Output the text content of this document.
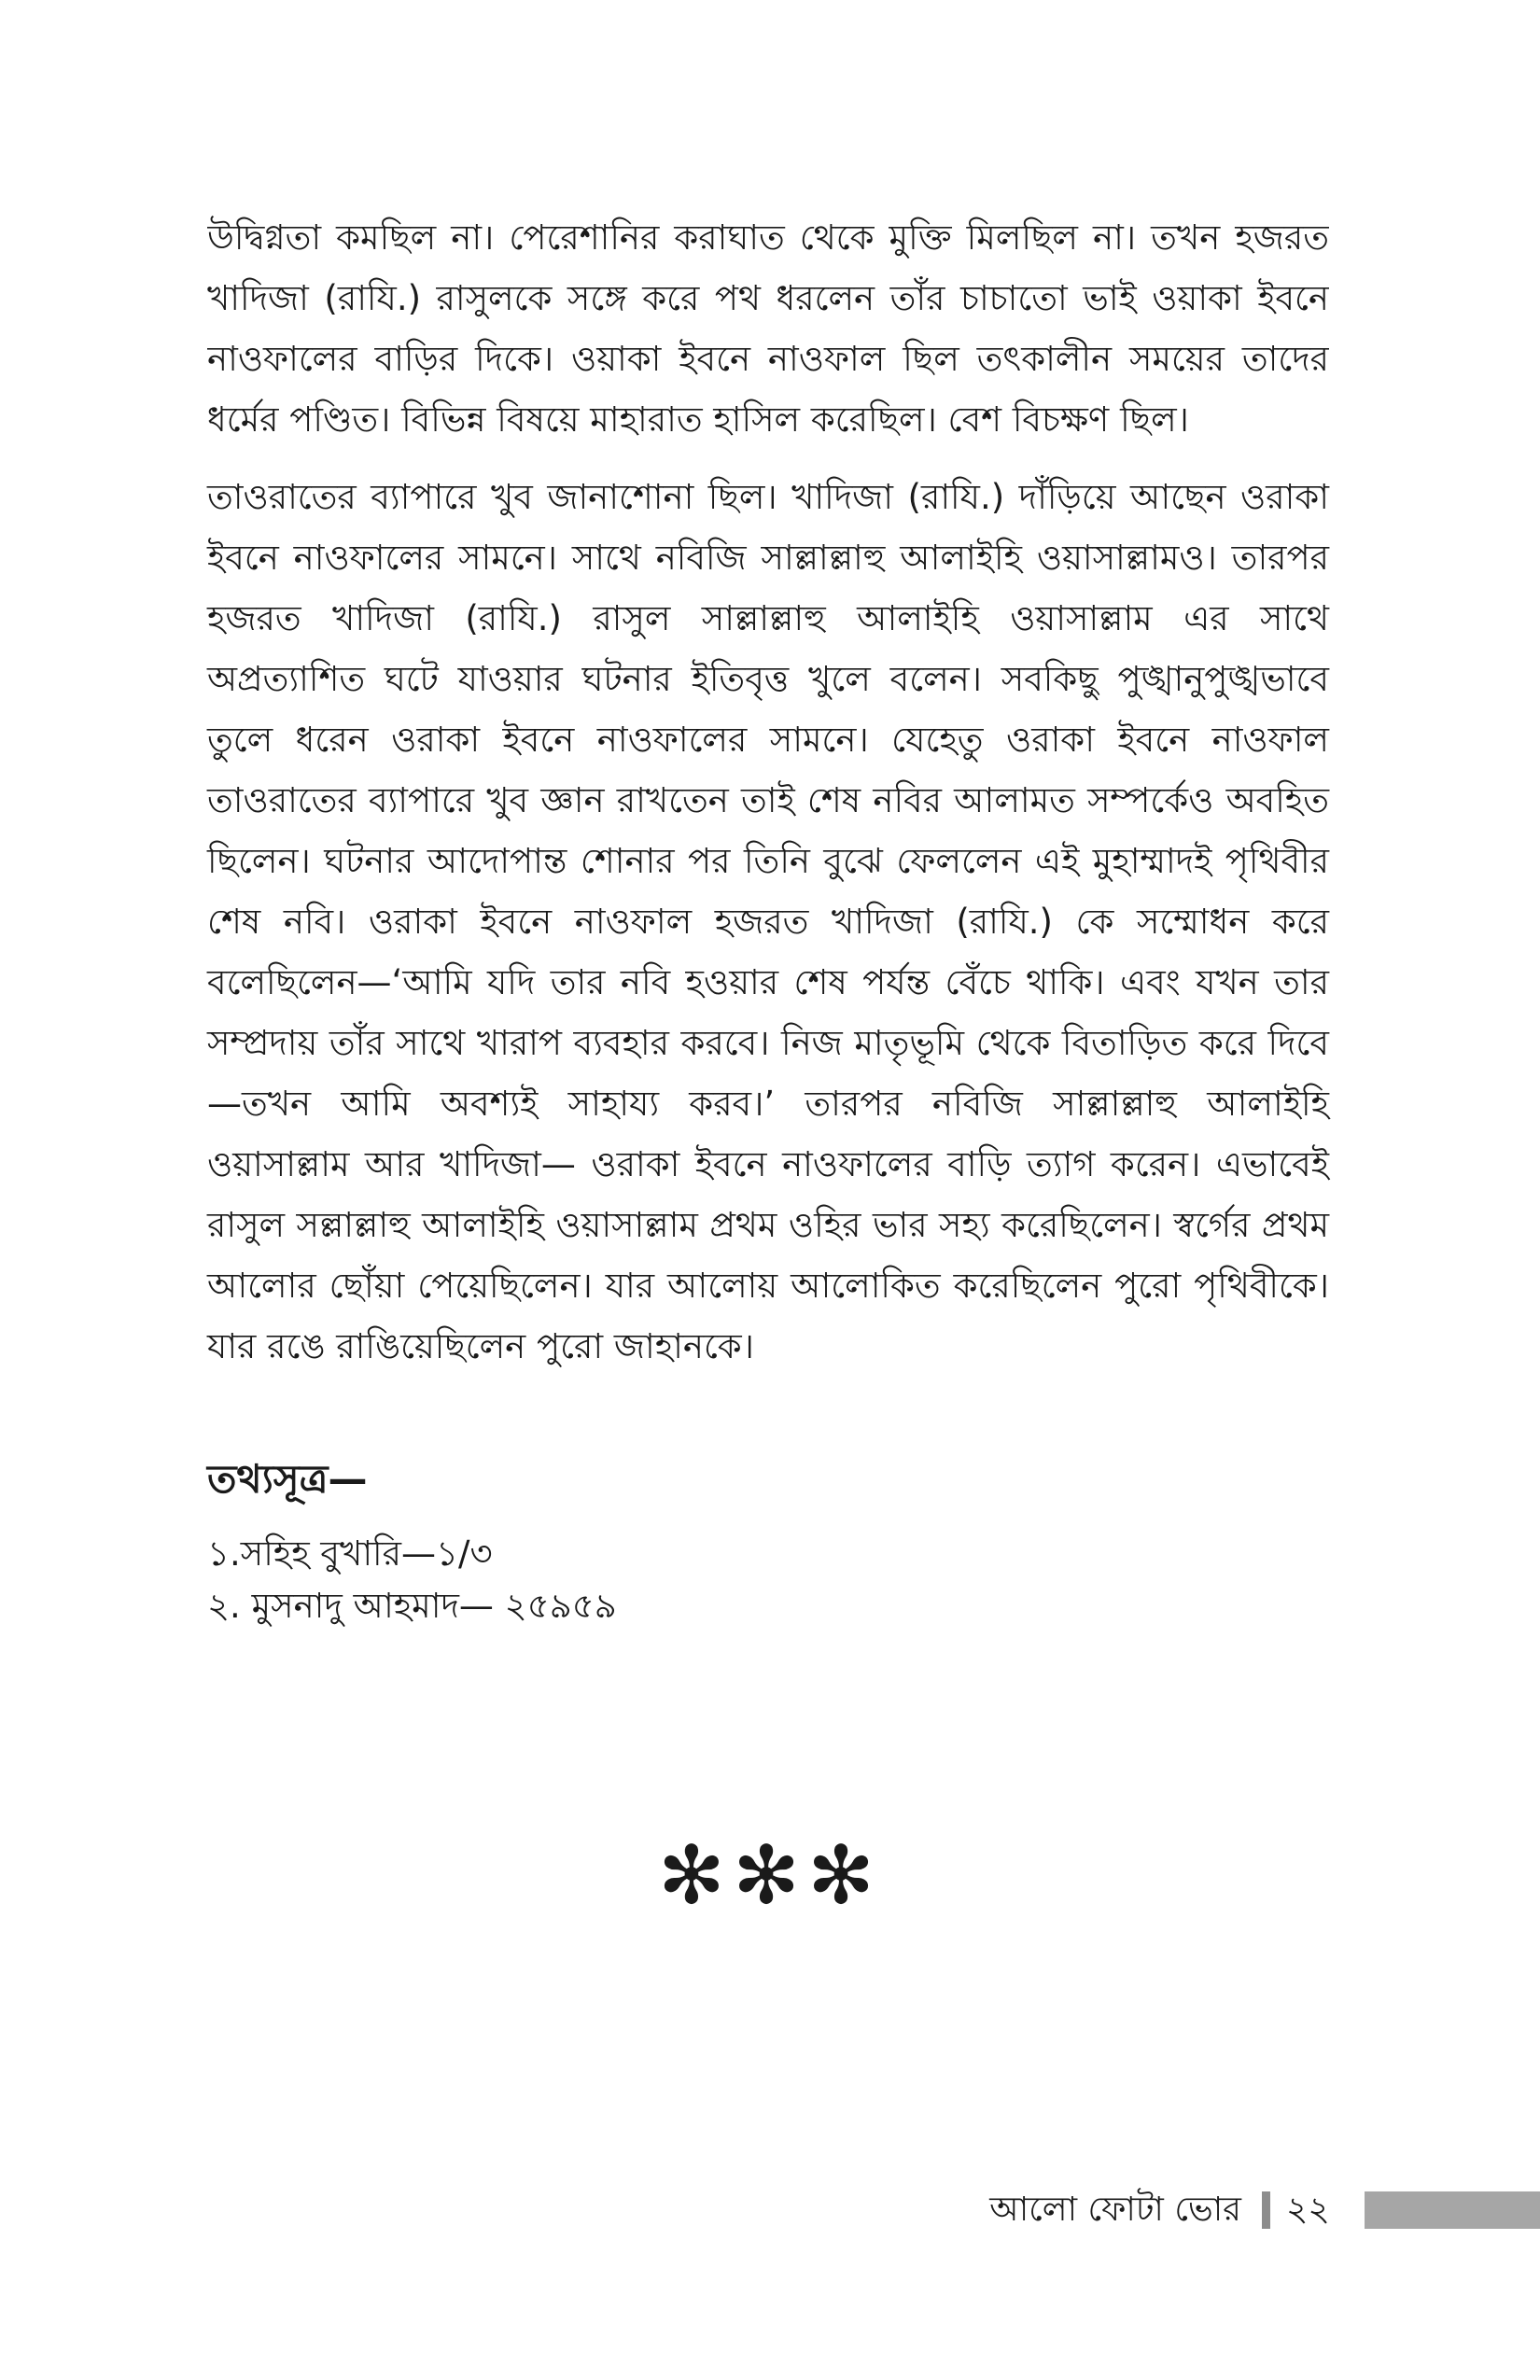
উদ্বিগ্নতা কমছিল না। পেরেশানির করাঘাত থেকে মুক্তি মিলছিল না। তখন হজরত খাদিজা (রাযি.) রাসুলকে সঙ্গে করে পথ ধরলেন তাঁর চাচাতো ভাই ওয়াকা ইবনে নাওফালের বাড়ির দিকে। ওয়াকা ইবনে নাওফাল ছিল তৎকালীন সময়ের তাদের ধর্মের পণ্ডিত। বিভিন্ন বিষয়ে মাহারাত হাসিল করেছিল। বেশ বিচক্ষণ ছিল।

তাওরাতের ব্যাপারে খুব জানাশোনা ছিল। খাদিজা (রাযি.) দাঁড়িয়ে আছেন ওরাকা ইবনে নাওফালের সামনে। সাথে নবিজি সাল্লাল্লাহু আলাইহি ওয়াসাল্লামও। তারপর হজরত খাদিজা (রাযি.) রাসুল সাল্লাল্লাহু আলাইহি ওয়াসাল্লাম এর সাথে অপ্রত্যাশিত ঘটে যাওয়ার ঘটনার ইতিবৃত্ত খুলে বলেন। সবকিছু পুঙ্খানুপুঙ্খভাবে তুলে ধরেন ওরাকা ইবনে নাওফালের সামনে। যেহেতু ওরাকা ইবনে নাওফাল তাওরাতের ব্যাপারে খুব জ্ঞান রাখতেন তাই শেষ নবির আলামত সম্পর্কেও অবহিত ছিলেন। ঘটনার আদোপান্ত শোনার পর তিনি বুঝে ফেললেন এই মুহাম্মাদই পৃথিবীর শেষ নবি। ওরাকা ইবনে নাওফাল হজরত খাদিজা (রাযি.) কে সম্মোধন করে বলেছিলেন—‘আমি যদি তার নবি হওয়ার শেষ পর্যন্ত বেঁচে থাকি। এবং যখন তার সম্প্রদায় তাঁর সাথে খারাপ ব্যবহার করবে। নিজ মাতৃভূমি থেকে বিতাড়িত করে দিবে—তখন আমি অবশ্যই সাহায্য করব।’ তারপর নবিজি সাল্লাল্লাহু আলাইহি ওয়াসাল্লাম আর খাদিজা— ওরাকা ইবনে নাওফালের বাড়ি ত্যাগ করেন। এভাবেই রাসুল সল্লাল্লাহু আলাইহি ওয়াসাল্লাম প্রথম ওহির ভার সহ্য করেছিলেন। স্বর্গের প্রথম আলোর ছোঁয়া পেয়েছিলেন। যার আলোয় আলোকিত করেছিলেন পুরো পৃথিবীকে। যার রঙে রাঙিয়েছিলেন পুরো জাহানকে।

তথ্যসূত্র—
১.সহিহ বুখারি—১/৩
২. মুসনাদু আহমাদ— ২৫৯৫৯
✻✻✻
আলো ফোটা ভোর ২২
